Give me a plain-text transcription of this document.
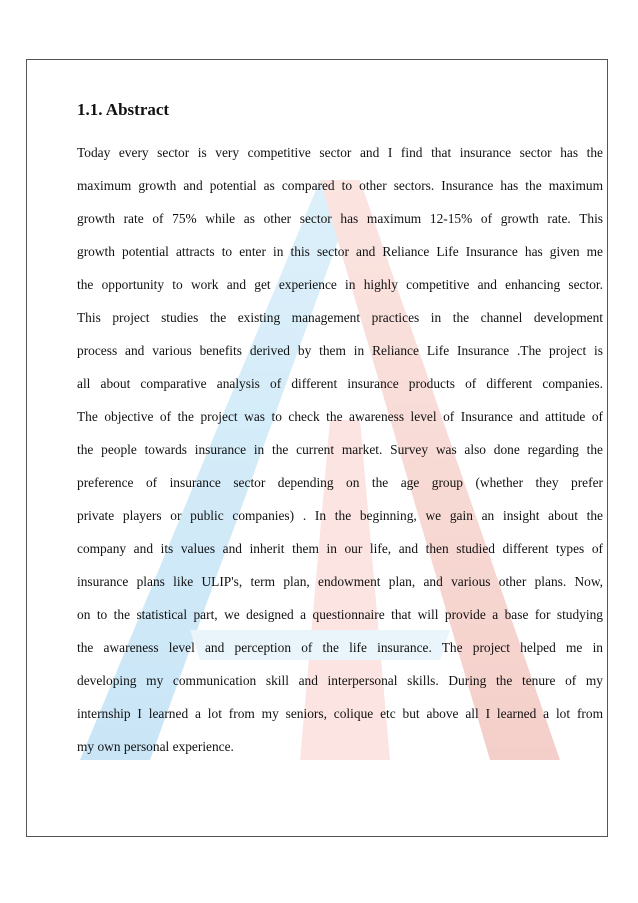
1.1. Abstract
Today every sector is very competitive sector and I find that insurance sector has the
maximum growth and potential as compared to other sectors. Insurance has the maximum
growth rate of 75% while as other sector has maximum 12-15% of growth rate. This
growth potential attracts to enter in this sector and Reliance Life Insurance has given me
the opportunity to work and get experience in highly competitive and enhancing sector.
This project studies the existing management practices in the channel development
process and various benefits derived by them in Reliance Life Insurance .The project is
all about comparative analysis of different insurance products of different companies.
The objective of the project was to check the awareness level of Insurance and attitude of
the people towards insurance in the current market. Survey was also done regarding the
preference of insurance sector depending on the age group (whether they prefer
private players or public companies) . In the beginning, we gain an insight about the
company and its values and inherit them in our life, and then studied different types of
insurance plans like ULIP's, term plan, endowment plan, and various other plans. Now,
on to the statistical part, we designed a questionnaire that will provide a base for studying
the awareness level and perception of the life insurance. The project helped me in
developing my communication skill and interpersonal skills. During the tenure of my
internship I learned a lot from my seniors, colique etc but above all I learned a lot from
my own personal experience.
